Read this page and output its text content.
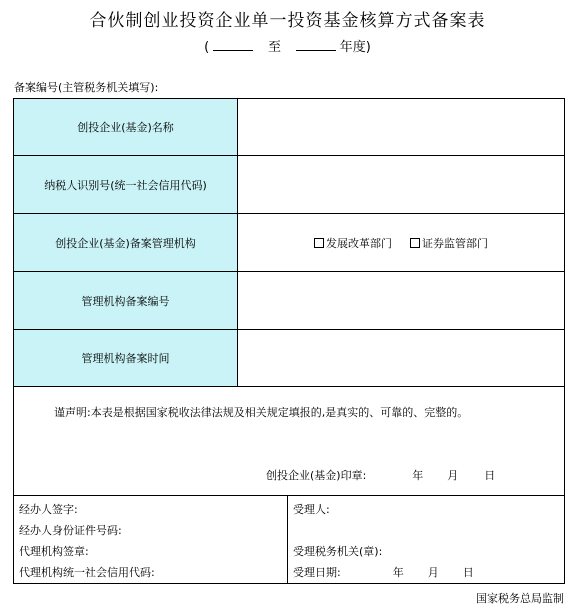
合伙制创业投资企业单一投资基金核算方式备案表
(	至	年度)
备案编号(主管税务机关填写):
创投企业(基金)名称
纳税人识别号(统一社会信用代码)
创投企业(基金)备案管理机构	发展改革部门	证券监管部门
管理机构备案编号
管理机构备案时间
谨声明:本表是根据国家税收法律法规及相关规定填报的,是真实的、可靠的、完整的。
创投企业(基金)印章:	年 月 日
经办人签字:
经办人身份证件号码:
代理机构签章:
代理机构统一社会信用代码:
受理人:
受理税务机关(章):
受理日期:	年 月 日
国家税务总局监制
